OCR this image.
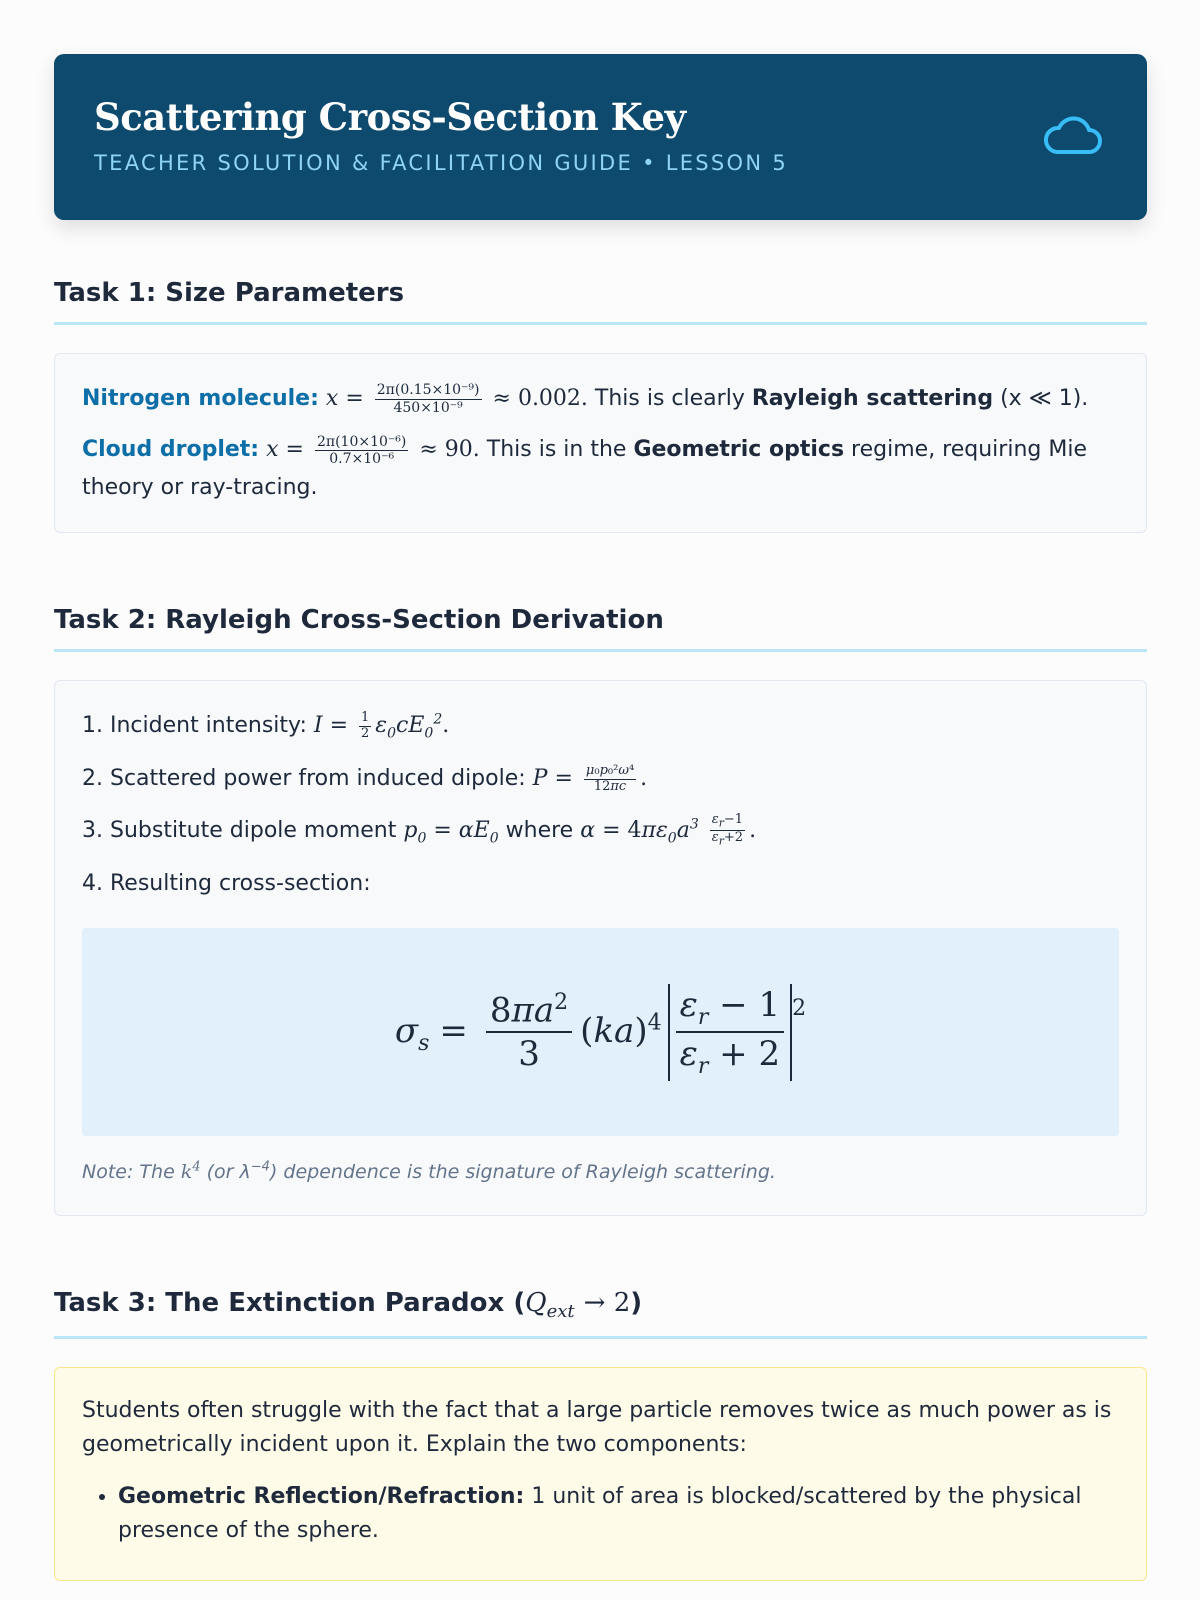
Scattering Cross-Section Key
TEACHER SOLUTION & FACILITATION GUIDE • LESSON 5
Task 1: Size Parameters
Nitrogen molecule: $x = \frac{\text{2π(0.15×10⁻⁹)}}{\text{450×10⁻⁹}} \approx 0.002$. This is clearly Rayleigh scattering (x ≪ 1).
Cloud droplet: $x = \frac{\text{2π(10×10⁻⁶)}}{\text{0.7×10⁻⁶}} \approx 90$. This is in the Geometric optics regime, requiring Mie theory or ray-tracing.
Task 2: Rayleigh Cross-Section Derivation
1. Incident intensity: $I = \frac{1}{2} \varepsilon_0cE_0^2$.
2. Scattered power from induced dipole: $P = \frac{\text{μ₀p₀²ω⁴}}{12\pi c}$ .
3. Substitute dipole moment $p_0 = \alpha E_0$ where $\alpha = 4\pi\varepsilon_0a^3 \frac{\varepsilon_r-1}{\varepsilon_r+2}$ .
4. Resulting cross-section:
$\sigma_s = \frac{8\pi a^2}{3} (ka)^4 \frac{\varepsilon_r - 1}{\varepsilon_r + 2} ^2$
Note: The $k^4$ (or $\lambda^{-4}$) dependence is the signature of Rayleigh scattering.
Task 3: The Extinction Paradox $(Q_{ext} \to 2)$
Students often struggle with the fact that a large particle removes twice as much power as is geometrically incident upon it. Explain the two components:
• Geometric Reflection/Refraction: 1 unit of area is blocked/scattered by the physical presence of the sphere.
